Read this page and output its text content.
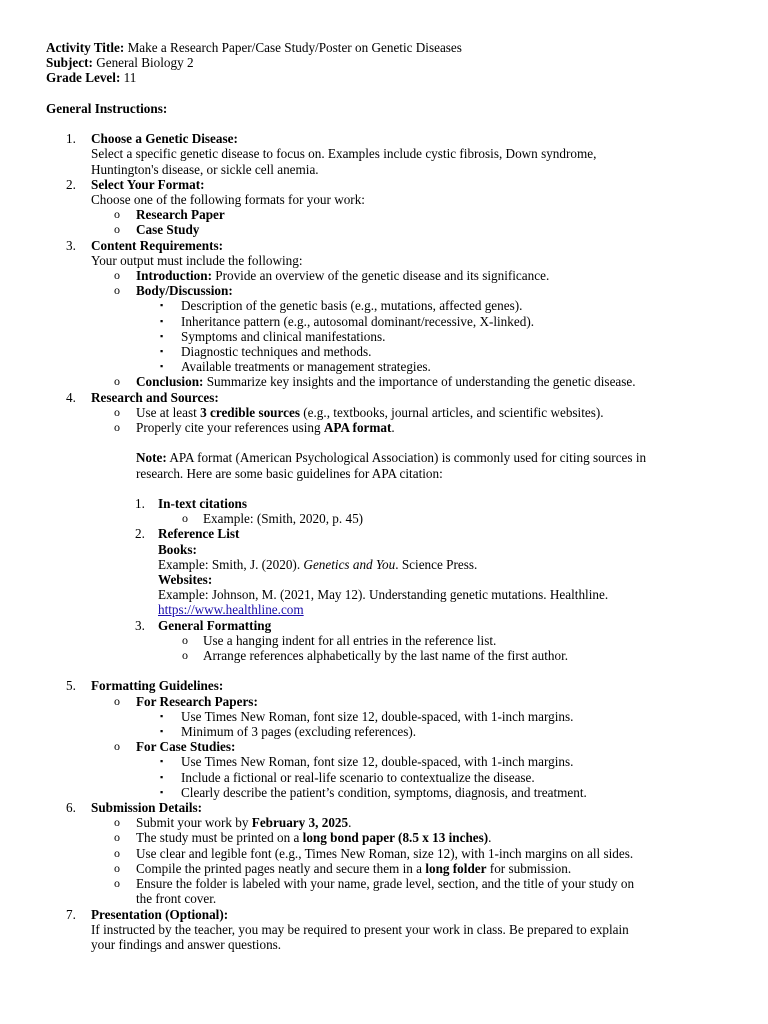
Activity Title: Make a Research Paper/Case Study/Poster on Genetic Diseases
Subject: General Biology 2
Grade Level: 11
General Instructions:
1. Choose a Genetic Disease:
Select a specific genetic disease to focus on. Examples include cystic fibrosis, Down syndrome,
Huntington's disease, or sickle cell anemia.
2. Select Your Format:
Choose one of the following formats for your work:
o Research Paper
o Case Study
3. Content Requirements:
Your output must include the following:
o Introduction: Provide an overview of the genetic disease and its significance.
o Body/Discussion:
▪ Description of the genetic basis (e.g., mutations, affected genes).
▪ Inheritance pattern (e.g., autosomal dominant/recessive, X-linked).
▪ Symptoms and clinical manifestations.
▪ Diagnostic techniques and methods.
▪ Available treatments or management strategies.
o Conclusion: Summarize key insights and the importance of understanding the genetic disease.
4. Research and Sources:
o Use at least 3 credible sources (e.g., textbooks, journal articles, and scientific websites).
o Properly cite your references using APA format.
Note: APA format (American Psychological Association) is commonly used for citing sources in
research. Here are some basic guidelines for APA citation:
1. In-text citations
o Example: (Smith, 2020, p. 45)
2. Reference List
Books:
Example: Smith, J. (2020). Genetics and You. Science Press.
Websites:
Example: Johnson, M. (2021, May 12). Understanding genetic mutations. Healthline.
https://www.healthline.com
3. General Formatting
o Use a hanging indent for all entries in the reference list.
o Arrange references alphabetically by the last name of the first author.
5. Formatting Guidelines:
o For Research Papers:
▪ Use Times New Roman, font size 12, double-spaced, with 1-inch margins.
▪ Minimum of 3 pages (excluding references).
o For Case Studies:
▪ Use Times New Roman, font size 12, double-spaced, with 1-inch margins.
▪ Include a fictional or real-life scenario to contextualize the disease.
▪ Clearly describe the patient’s condition, symptoms, diagnosis, and treatment.
6. Submission Details:
o Submit your work by February 3, 2025.
o The study must be printed on a long bond paper (8.5 x 13 inches).
o Use clear and legible font (e.g., Times New Roman, size 12), with 1-inch margins on all sides.
o Compile the printed pages neatly and secure them in a long folder for submission.
o Ensure the folder is labeled with your name, grade level, section, and the title of your study on
the front cover.
7. Presentation (Optional):
If instructed by the teacher, you may be required to present your work in class. Be prepared to explain
your findings and answer questions.
